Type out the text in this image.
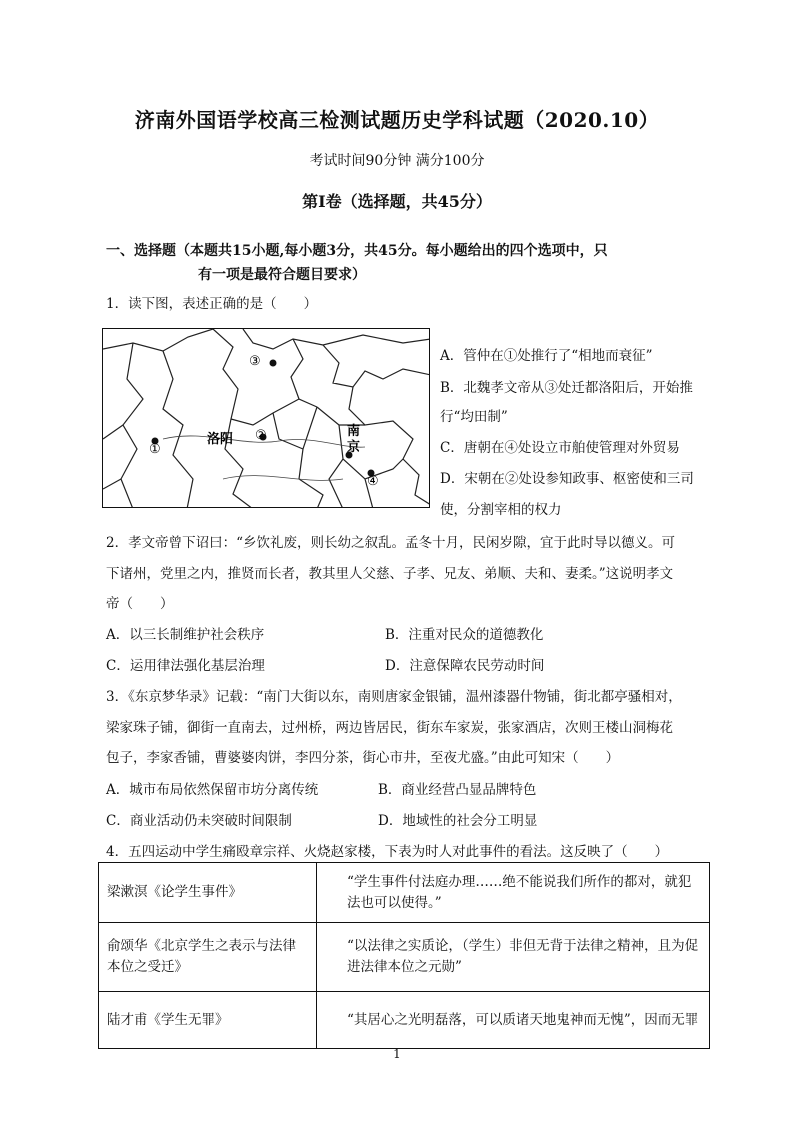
济南外国语学校高三检测试题历史学科试题（2020.10）
考试时间90分钟 满分100分
第Ⅰ卷（选择题，共45分）
一、选择题（本题共15小题,每小题3分，共45分。每小题给出的四个选项中，只
有一项是最符合题目要求）
1．读下图，表述正确的是（　　）
①
③
洛阳 ②	南
京
④
A．管仲在①处推行了“相地而衰征”
B．北魏孝文帝从③处迁都洛阳后，开始推
行“均田制”
C．唐朝在④处设立市舶使管理对外贸易
D．宋朝在②处设参知政事、枢密使和三司
使，分割宰相的权力
2．孝文帝曾下诏曰：“乡饮礼废，则长幼之叙乱。孟冬十月，民闲岁隙，宜于此时导以德义。可
下诸州，党里之内，推贤而长者，教其里人父慈、子孝、兄友、弟顺、夫和、妻柔。”这说明孝文
帝（　　）
A．以三长制维护社会秩序	B．注重对民众的道德教化
C．运用律法强化基层治理	D．注意保障农民劳动时间
3．《东京梦华录》记载：“南门大街以东，南则唐家金银铺，温州漆器什物铺，街北都亭骚相对，
梁家珠子铺，御街一直南去，过州桥，两边皆居民，街东车家炭，张家酒店，次则王楼山洞梅花
包子，李家香铺，曹婆婆肉饼，李四分茶，街心市井，至夜尤盛。”由此可知宋（　　）
A．城市布局依然保留市坊分离传统	B．商业经营凸显品牌特色
C．商业活动仍未突破时间限制	D．地域性的社会分工明显
4．五四运动中学生痛殴章宗祥、火烧赵家楼，下表为时人对此事件的看法。这反映了（　　）
梁漱溟《论学生事件》	“学生事件付法庭办理……绝不能说我们所作的都对，就犯法也可以使得。”
俞颂华《北京学生之表示与法律本位之受迁》	“以法律之实质论，（学生）非但无背于法律之精神，且为促进法律本位之元勋”
陆才甫《学生无罪》	“其居心之光明磊落，可以质诸天地鬼神而无愧”，因而无罪
1
